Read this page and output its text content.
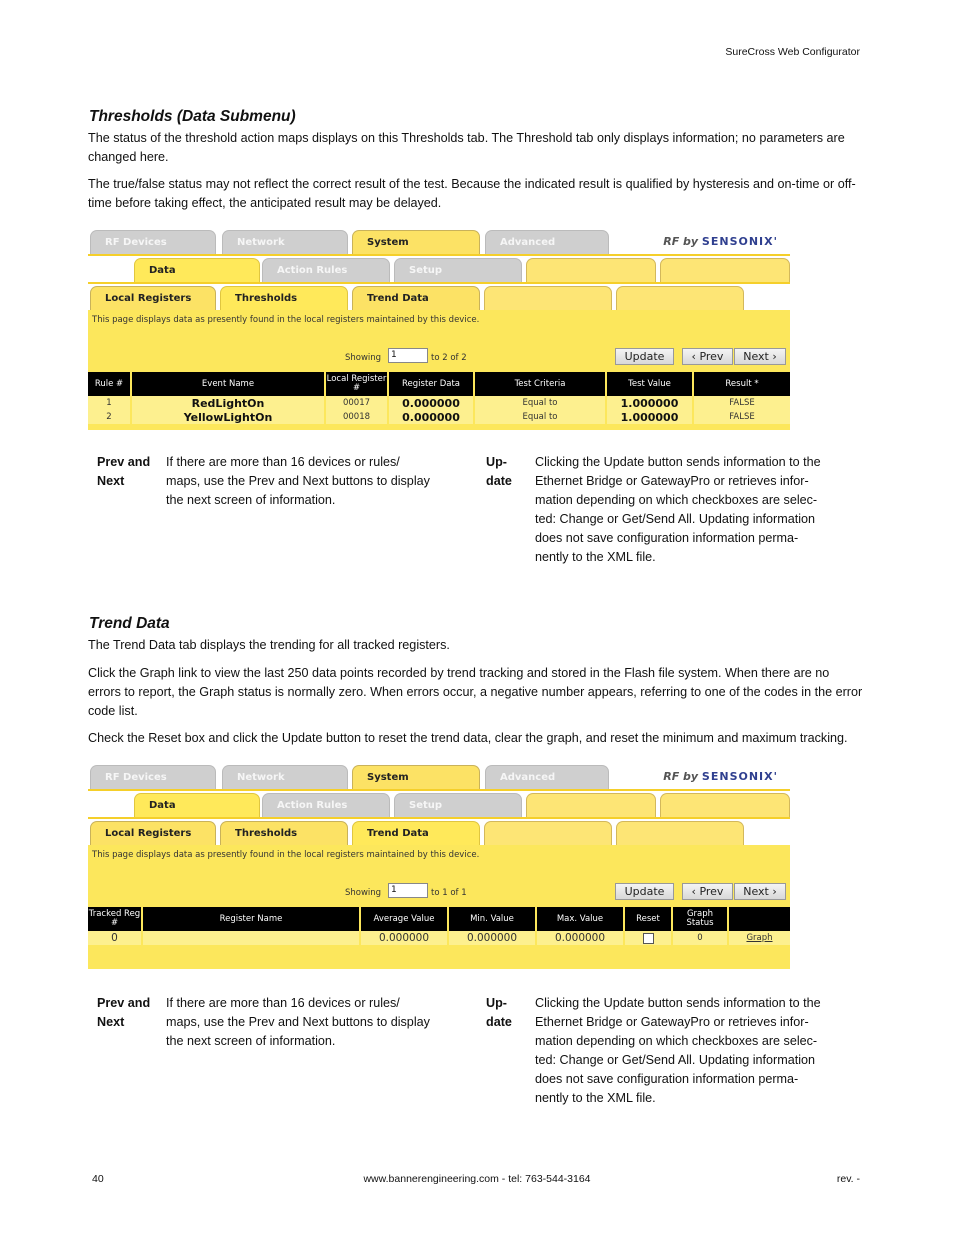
SureCross Web Configurator
Thresholds (Data Submenu)
The status of the threshold action maps displays on this Thresholds tab. The Threshold tab only displays information; no parameters are changed here.
The true/false status may not reflect the correct result of the test. Because the indicated result is qualified by hysteresis and on-time or off-time before taking effect, the anticipated result may be delayed.
RF Devices	Network	System	Advanced	RF by SENSONIX'
Data	Action Rules	Setup
Local Registers	Thresholds	Trend Data
This page displays data as presently found in the local registers maintained by this device.
Showing	1	to 2 of 2	Update	‹ Prev	Next ›
Rule #	Event Name	Local Register #	Register Data	Test Criteria	Test Value	Result *
1	RedLightOn	00017	0.000000	Equal to	1.000000	FALSE
2	YellowLightOn	00018	0.000000	Equal to	1.000000	FALSE
Prev and
Next
If there are more than 16 devices or rules/
maps, use the Prev and Next buttons to display
the next screen of information.
Up-
date
Clicking the Update button sends information to the
Ethernet Bridge or GatewayPro or retrieves infor-
mation depending on which checkboxes are selec-
ted: Change or Get/Send All. Updating information
does not save configuration information perma-
nently to the XML file.
Trend Data
The Trend Data tab displays the trending for all tracked registers.
Click the Graph link to view the last 250 data points recorded by trend tracking and stored in the Flash file system. When there are no errors to report, the Graph status is normally zero. When errors occur, a negative number appears, referring to one of the codes in the error code list.
Check the Reset box and click the Update button to reset the trend data, clear the graph, and reset the minimum and maximum tracking.
RF Devices	Network	System	Advanced	RF by SENSONIX'
Data	Action Rules	Setup
Local Registers	Thresholds	Trend Data
This page displays data as presently found in the local registers maintained by this device.
Showing	1	to 1 of 1	Update	‹ Prev	Next ›
Tracked Reg #	Register Name	Average Value	Min. Value	Max. Value	Reset	Graph Status	
0		0.000000	0.000000	0.000000		0	Graph
Prev and
Next
If there are more than 16 devices or rules/
maps, use the Prev and Next buttons to display
the next screen of information.
Up-
date
Clicking the Update button sends information to the
Ethernet Bridge or GatewayPro or retrieves infor-
mation depending on which checkboxes are selec-
ted: Change or Get/Send All. Updating information
does not save configuration information perma-
nently to the XML file.
40	www.bannerengineering.com - tel: 763-544-3164	rev. -
